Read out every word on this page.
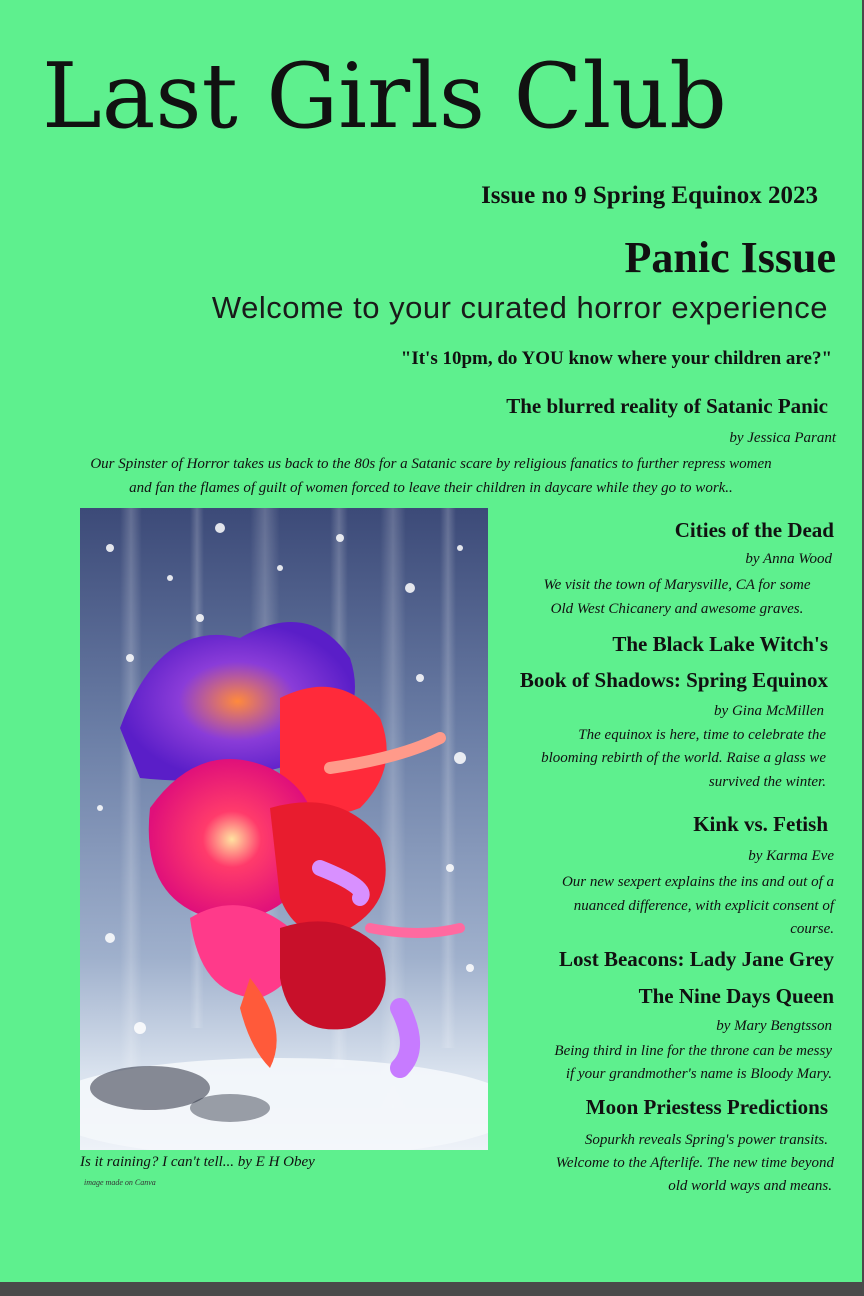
Last Girls Club
Issue no 9 Spring Equinox 2023
Panic Issue
Welcome to your curated horror experience
"It's 10pm, do YOU know where your children are?"
The blurred reality of Satanic Panic
by Jessica Parant
Our Spinster of Horror takes us back to the 80s for a Satanic scare by religious fanatics to further repress women
and fan the flames of guilt of women forced to leave their children in daycare while they go to work..
Is it raining? I can't tell... by E H Obey
image made on Canva
Cities of the Dead
by Anna Wood
We visit the town of Marysville, CA for some
Old West Chicanery and awesome graves.
The Black Lake Witch's
Book of Shadows: Spring Equinox
by Gina McMillen
The equinox is here, time to celebrate the
blooming rebirth of the world. Raise a glass we
survived the winter.
Kink vs. Fetish
by Karma Eve
Our new sexpert explains the ins and out of a
nuanced difference, with explicit consent of
course.
Lost Beacons: Lady Jane Grey
The Nine Days Queen
by Mary Bengtsson
Being third in line for the throne can be messy
if your grandmother's name is Bloody Mary.
Moon Priestess Predictions
Sopurkh reveals Spring's power transits.
Welcome to the Afterlife. The new time beyond
old world ways and means.
